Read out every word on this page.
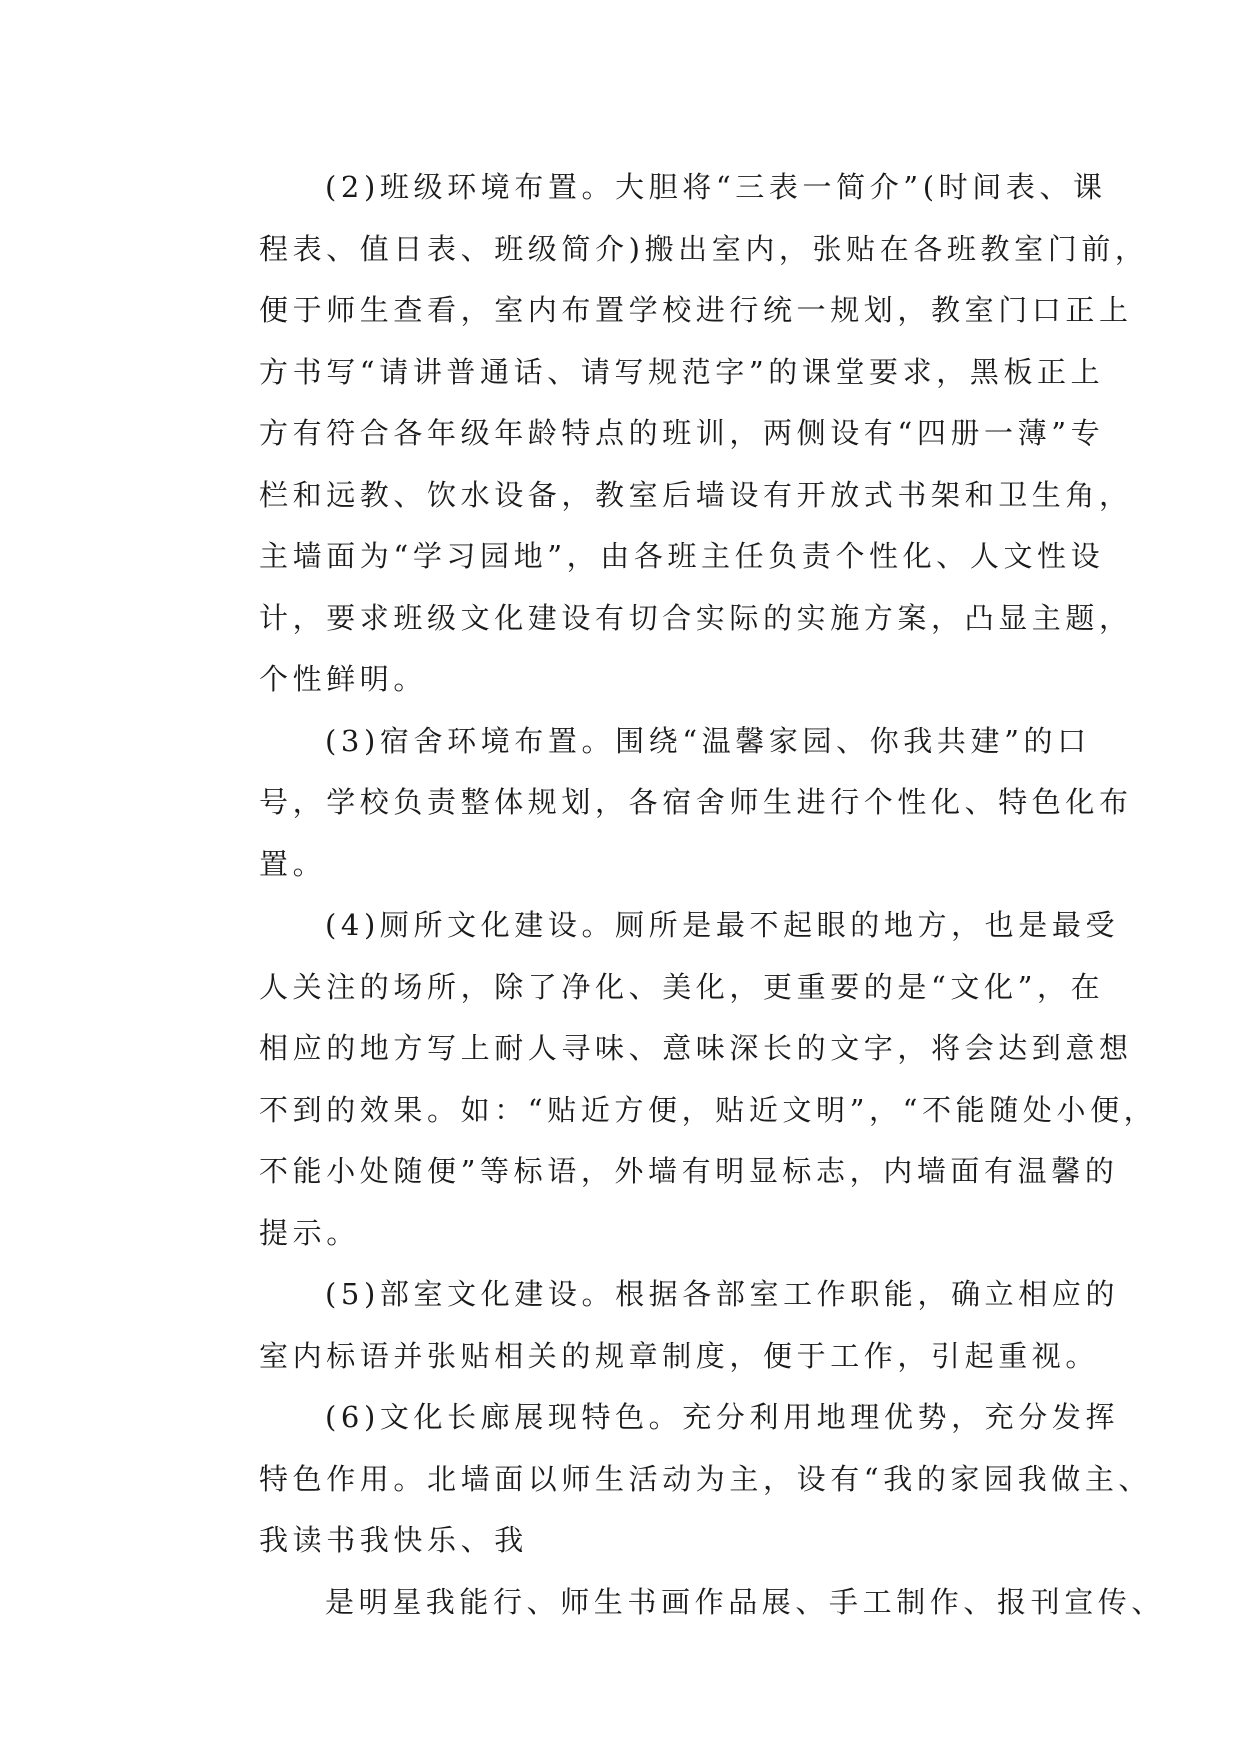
(2)班级环境布置。大胆将“三表一简介”(时间表、课
程表、值日表、班级简介)搬出室内，张贴在各班教室门前，
便于师生查看，室内布置学校进行统一规划，教室门口正上
方书写“请讲普通话、请写规范字”的课堂要求，黑板正上
方有符合各年级年龄特点的班训，两侧设有“四册一薄”专
栏和远教、饮水设备，教室后墙设有开放式书架和卫生角，
主墙面为“学习园地”，由各班主任负责个性化、人文性设
计，要求班级文化建设有切合实际的实施方案，凸显主题，
个性鲜明。
(3)宿舍环境布置。围绕“温馨家园、你我共建”的口
号，学校负责整体规划，各宿舍师生进行个性化、特色化布
置。
(4)厕所文化建设。厕所是最不起眼的地方，也是最受
人关注的场所，除了净化、美化，更重要的是“文化”，在
相应的地方写上耐人寻味、意味深长的文字，将会达到意想
不到的效果。如：“贴近方便，贴近文明”，“不能随处小便，
不能小处随便”等标语，外墙有明显标志，内墙面有温馨的
提示。
(5)部室文化建设。根据各部室工作职能，确立相应的
室内标语并张贴相关的规章制度，便于工作，引起重视。
(6)文化长廊展现特色。充分利用地理优势，充分发挥
特色作用。北墙面以师生活动为主，设有“我的家园我做主、
我读书我快乐、我
是明星我能行、师生书画作品展、手工制作、报刊宣传、
